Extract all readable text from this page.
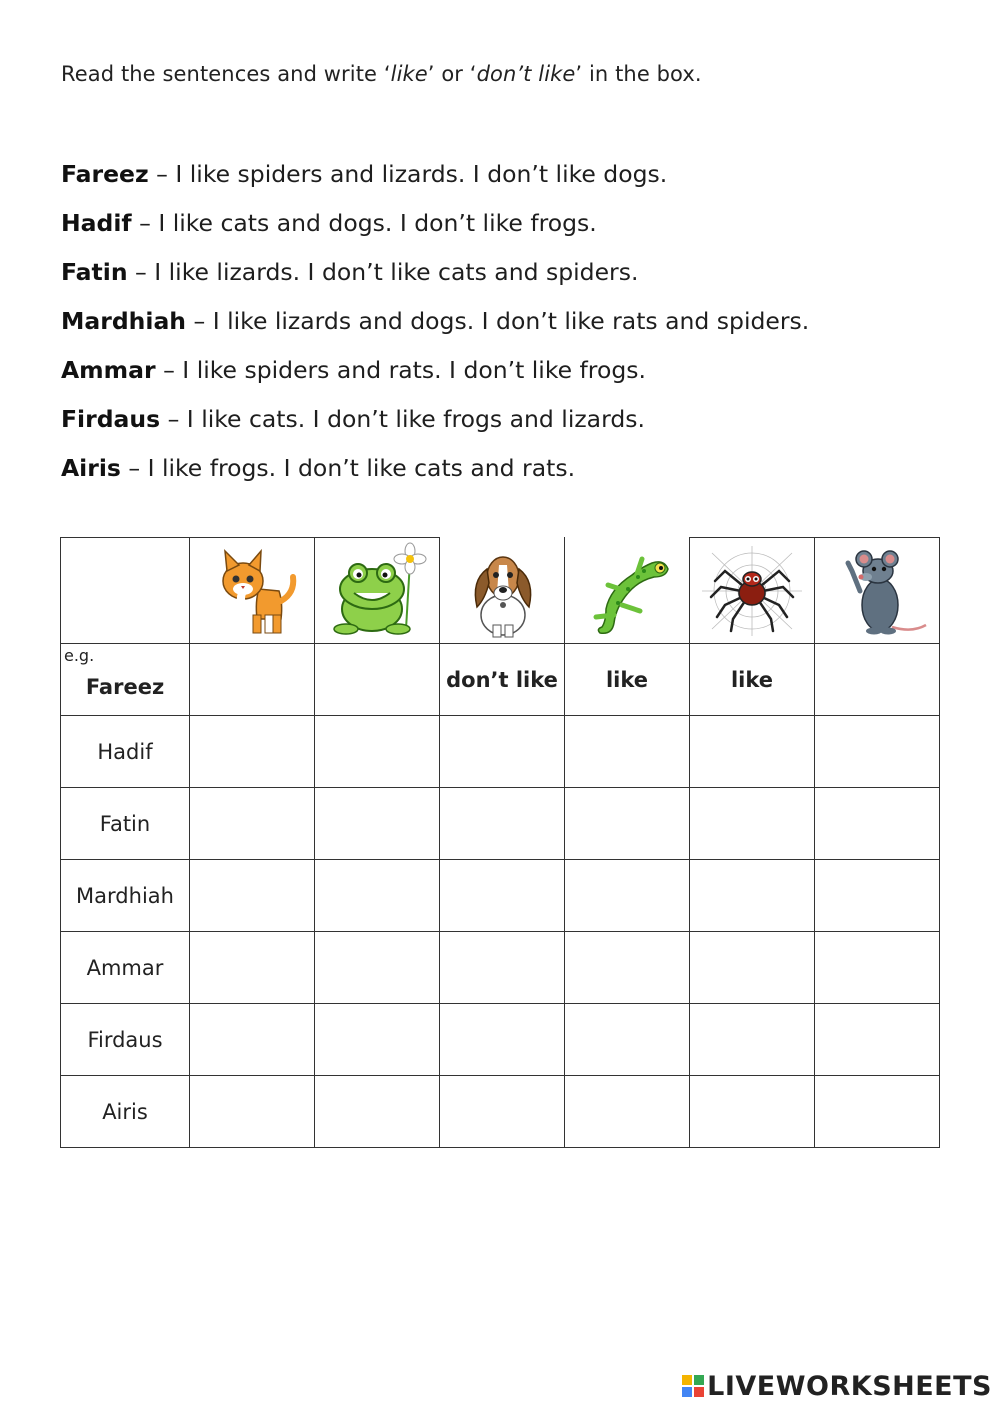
Read the sentences and write ‘like’ or ‘don’t like’ in the box.
Fareez – I like spiders and lizards. I don’t like dogs.
Hadif – I like cats and dogs. I don’t like frogs.
Fatin – I like lizards. I don’t like cats and spiders.
Mardhiah – I like lizards and dogs. I don’t like rats and spiders.
Ammar – I like spiders and rats. I don’t like frogs.
Firdaus – I like cats. I don’t like frogs and lizards.
Airis – I like frogs. I don’t like cats and rats.

e.g.
Fareez			don’t like	like	like	
Hadif						
Fatin						
Mardhiah						
Ammar						
Firdaus						
Airis						
LIVEWORKSHEETS
